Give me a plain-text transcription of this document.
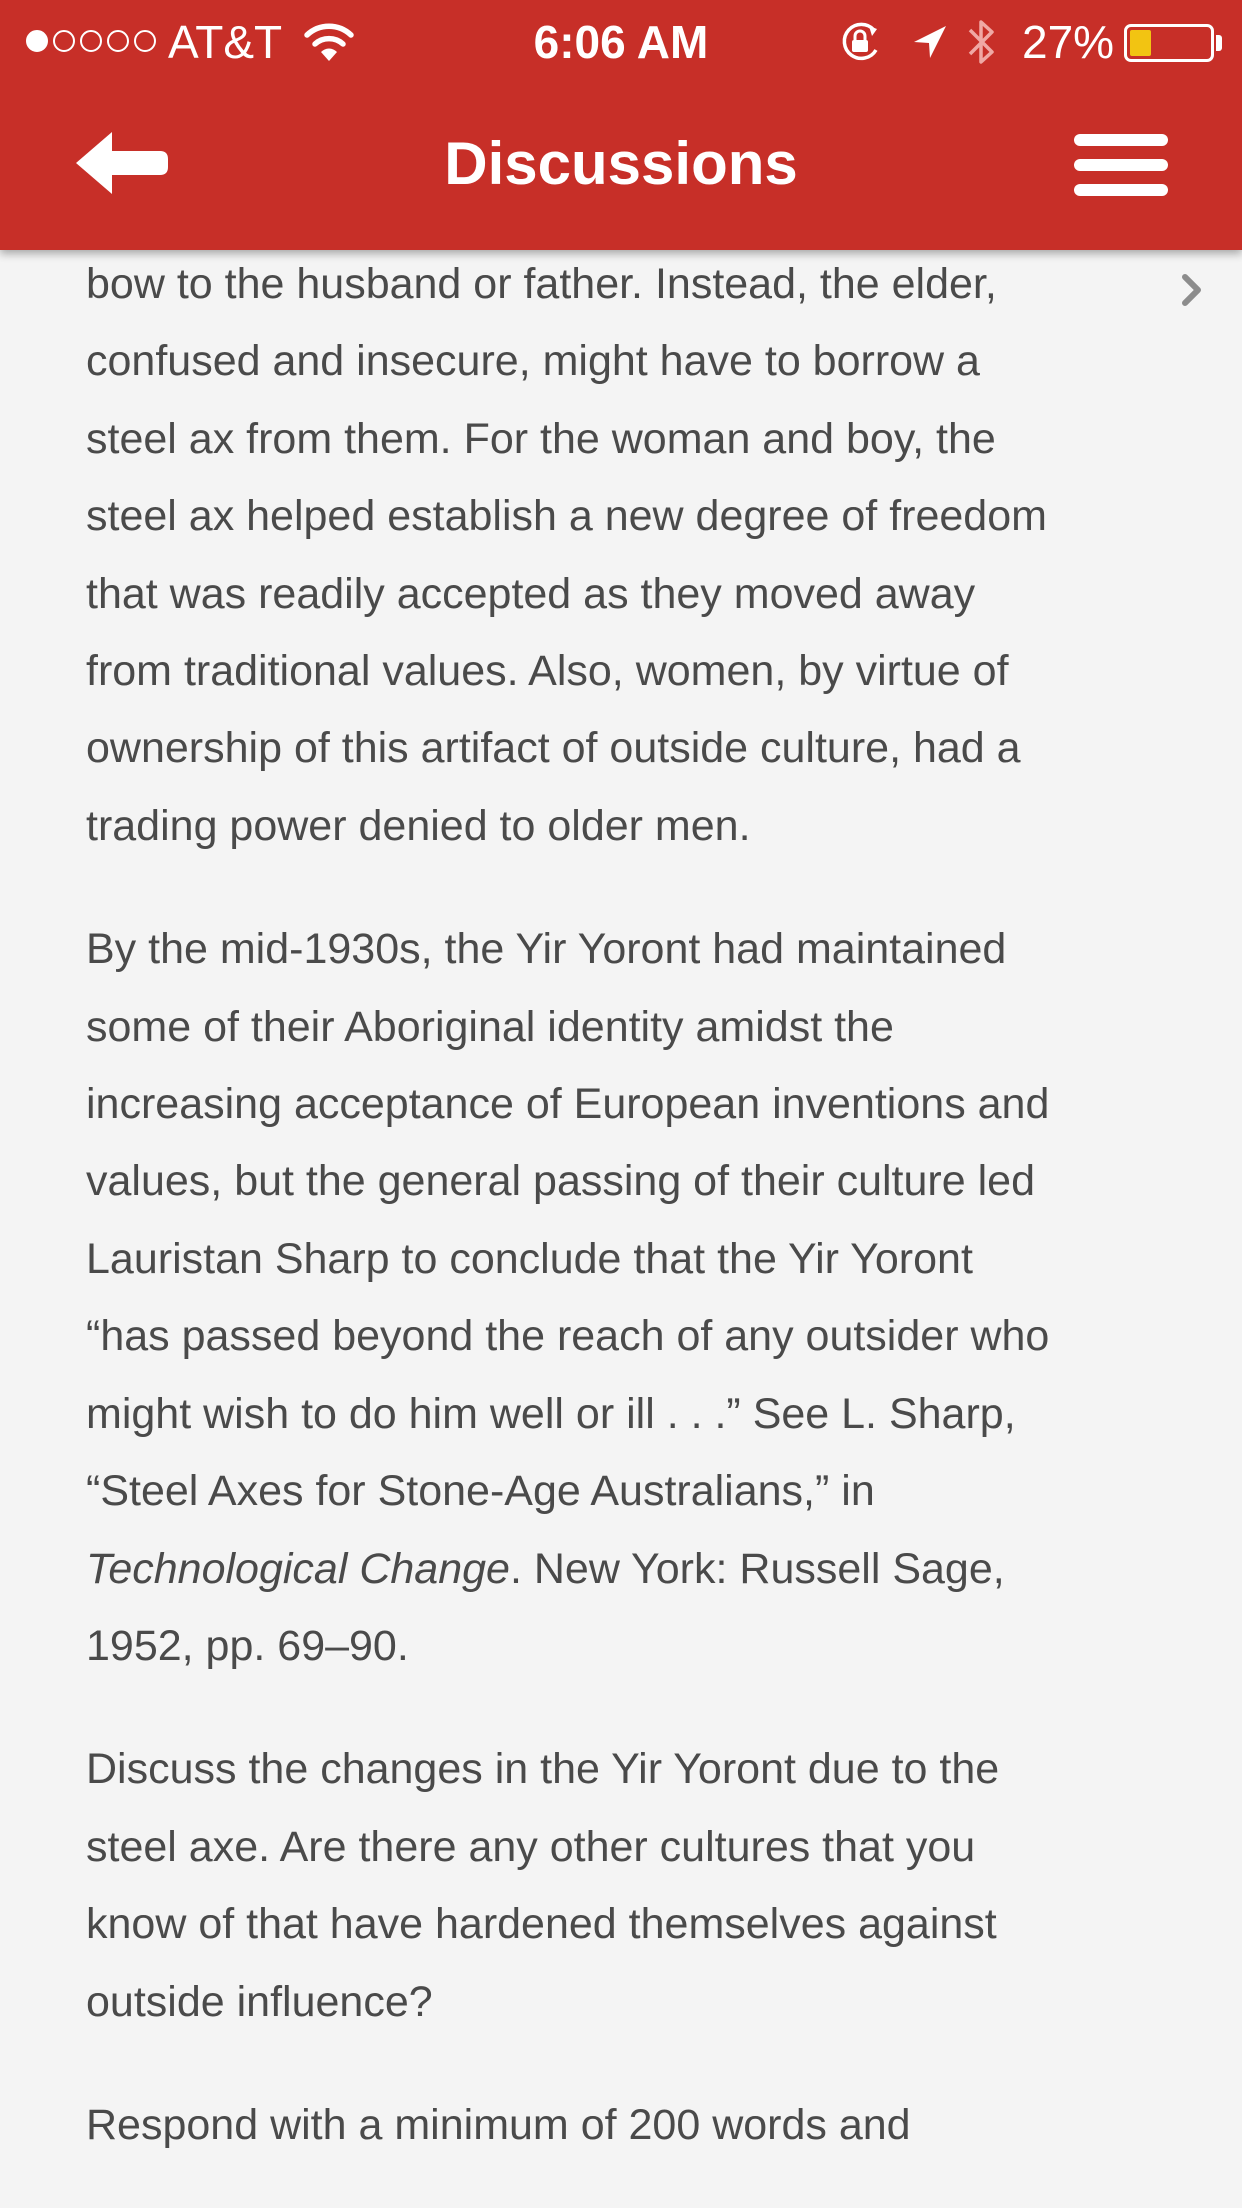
AT&T	6:06 AM	27%
Discussions

bow to the husband or father. Instead, the elder,
confused and insecure, might have to borrow a
steel ax from them. For the woman and boy, the
steel ax helped establish a new degree of freedom
that was readily accepted as they moved away
from traditional values. Also, women, by virtue of
ownership of this artifact of outside culture, had a
trading power denied to older men.

By the mid-1930s, the Yir Yoront had maintained
some of their Aboriginal identity amidst the
increasing acceptance of European inventions and
values, but the general passing of their culture led
Lauristan Sharp to conclude that the Yir Yoront
“has passed beyond the reach of any outsider who
might wish to do him well or ill . . .” See L. Sharp,
“Steel Axes for Stone-Age Australians,” in
Technological Change. New York: Russell Sage,
1952, pp. 69–90.

Discuss the changes in the Yir Yoront due to the
steel axe. Are there any other cultures that you
know of that have hardened themselves against
outside influence?

Respond with a minimum of 200 words and
